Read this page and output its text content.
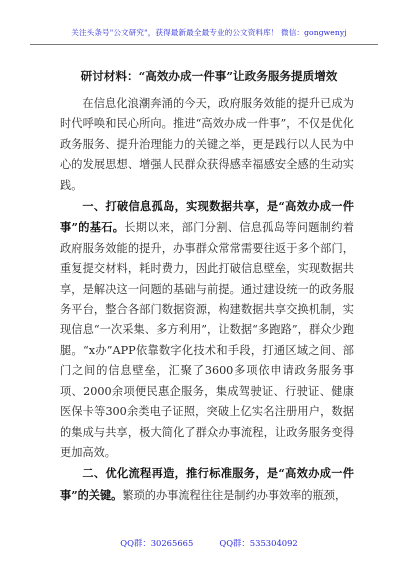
关注头条号"公文研究"，获得最新最全最专业的公文资料库！ 微信：gongwenyj
研讨材料：“高效办成一件事”让政务服务提质增效

在信息化浪潮奔涌的今天，政府服务效能的提升已成为时代呼唤和民心所向。推进“高效办成一件事”，不仅是优化政务服务、提升治理能力的关键之举，更是践行以人民为中心的发展思想、增强人民群众获得感幸福感安全感的生动实践。

一、打破信息孤岛，实现数据共享，是“高效办成一件事”的基石。长期以来，部门分割、信息孤岛等问题制约着政府服务效能的提升，办事群众常常需要往返于多个部门，重复提交材料，耗时费力，因此打破信息壁垒，实现数据共享，是解决这一问题的基础与前提。通过建设统一的政务服务平台，整合各部门数据资源，构建数据共享交换机制，实现信息“一次采集、多方利用”，让数据“多跑路”，群众少跑腿。“x办”APP依靠数字化技术和手段，打通区域之间、部门之间的信息壁垒，汇聚了3600多项依申请政务服务事项、2000余项便民惠企服务，集成驾驶证、行驶证、健康医保卡等300余类电子证照，突破上亿实名注册用户，数据的集成与共享，极大简化了群众办事流程，让政务服务变得更加高效。

二、优化流程再造，推行标准服务，是“高效办成一件事”的关键。繁琐的办事流程往往是制约办事效率的瓶颈，

QQ群：30265665	QQ群：535304092
